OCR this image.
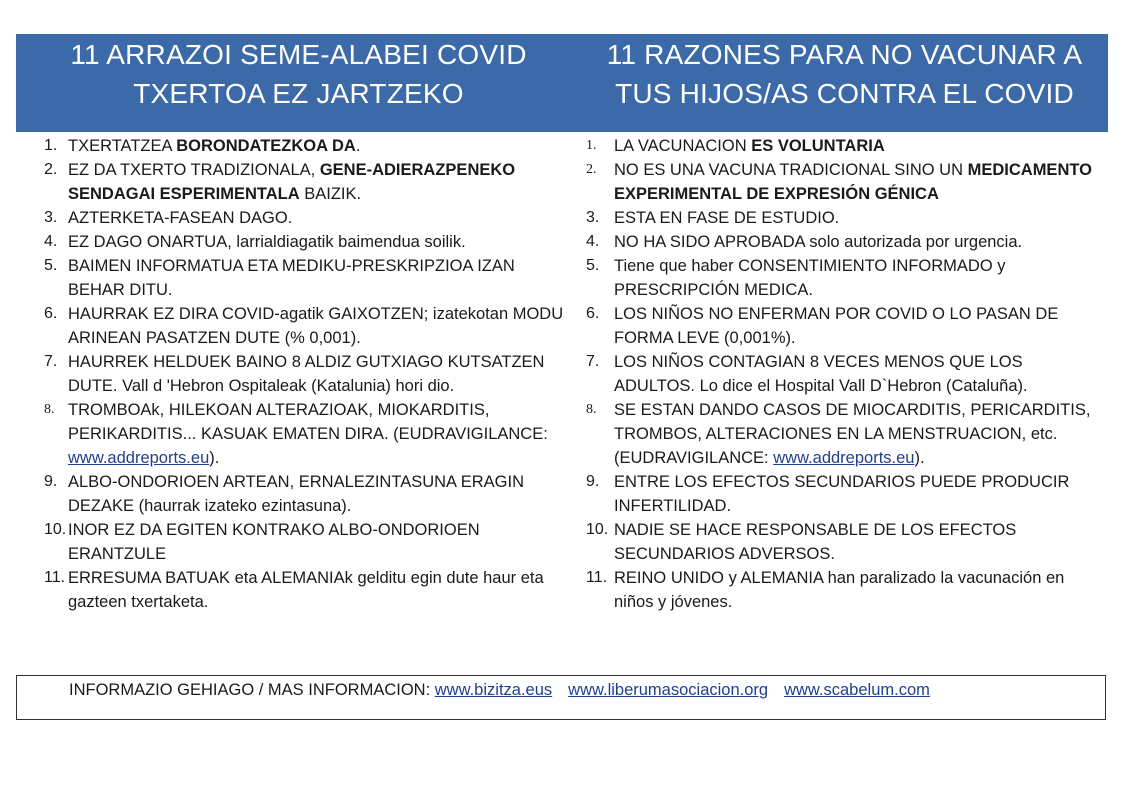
11 ARRAZOI SEME-ALABEI COVID
TXERTOA EZ JARTZEKO
11 RAZONES PARA NO VACUNAR A
TUS HIJOS/AS CONTRA EL COVID
1. TXERTATZEA BORONDATEZKOA DA.
2. EZ DA TXERTO TRADIZIONALA, GENE-ADIERAZPENEKO SENDAGAI ESPERIMENTALA BAIZIK.
3. AZTERKETA-FASEAN DAGO.
4. EZ DAGO ONARTUA, larrialdiagatik baimendua soilik.
5. BAIMEN INFORMATUA ETA MEDIKU-PRESKRIPZIOA IZAN BEHAR DITU.
6. HAURRAK EZ DIRA COVID-agatik GAIXOTZEN; izatekotan MODU ARINEAN PASATZEN DUTE (% 0,001).
7. HAURREK HELDUEK BAINO 8 ALDIZ GUTXIAGO KUTSATZEN DUTE. Vall d 'Hebron Ospitaleak (Katalunia) hori dio.
8. TROMBOAk, HILEKOAN ALTERAZIOAK, MIOKARDITIS, PERIKARDITIS... KASUAK EMATEN DIRA. (EUDRAVIGILANCE: www.addreports.eu).
9. ALBO-ONDORIOEN ARTEAN, ERNALEZINTASUNA ERAGIN DEZAKE (haurrak izateko ezintasuna).
10. INOR EZ DA EGITEN KONTRAKO ALBO-ONDORIOEN ERANTZULE
11. ERRESUMA BATUAK eta ALEMANIAk gelditu egin dute haur eta gazteen txertaketa.
1. LA VACUNACION ES VOLUNTARIA
2. NO ES UNA VACUNA TRADICIONAL SINO UN MEDICAMENTO EXPERIMENTAL DE EXPRESIÓN GÉNICA
3. ESTA EN FASE DE ESTUDIO.
4. NO HA SIDO APROBADA solo autorizada por urgencia.
5. Tiene que haber CONSENTIMIENTO INFORMADO y PRESCRIPCIÓN MEDICA.
6. LOS NIÑOS NO ENFERMAN POR COVID O LO PASAN DE FORMA LEVE (0,001%).
7. LOS NIÑOS CONTAGIAN 8 VECES MENOS QUE LOS ADULTOS. Lo dice el Hospital Vall D`Hebron (Cataluña).
8. SE ESTAN DANDO CASOS DE MIOCARDITIS, PERICARDITIS, TROMBOS, ALTERACIONES EN LA MENSTRUACION, etc. (EUDRAVIGILANCE: www.addreports.eu).
9. ENTRE LOS EFECTOS SECUNDARIOS PUEDE PRODUCIR INFERTILIDAD.
10. NADIE SE HACE RESPONSABLE DE LOS EFECTOS SECUNDARIOS ADVERSOS.
11. REINO UNIDO y ALEMANIA han paralizado la vacunación en niños y jóvenes.
INFORMAZIO GEHIAGO / MAS INFORMACION: www.bizitza.eus www.liberumasociacion.org www.scabelum.com
